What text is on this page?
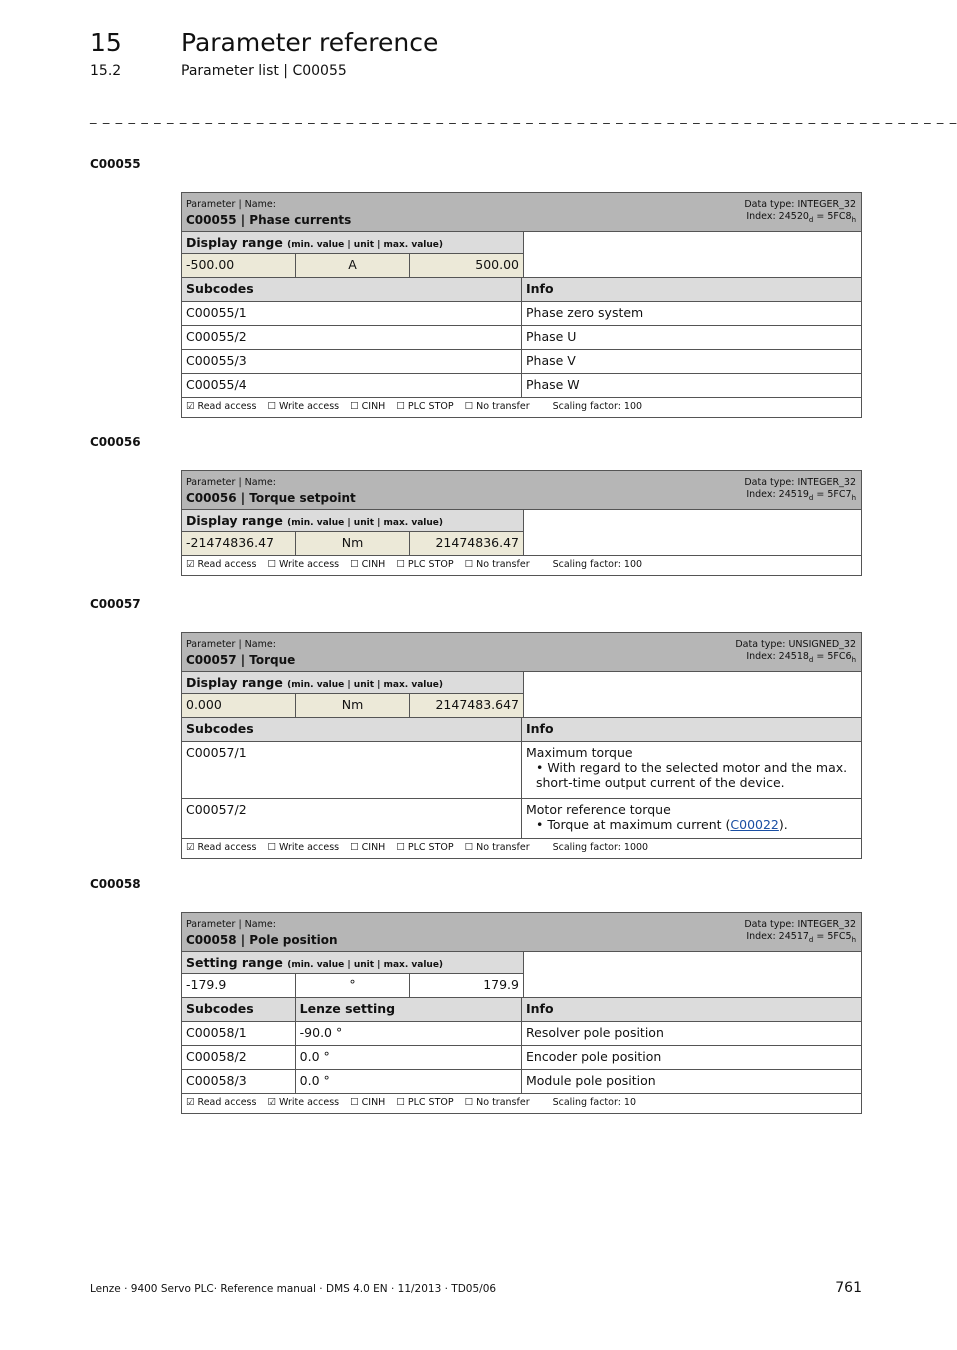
15 Parameter reference
15.2	Parameter list | C00055
_ _ _ _ _ _ _ _ _ _ _ _ _ _ _ _ _ _ _ _ _ _ _ _ _ _ _ _ _ _ _ _ _ _ _ _ _ _ _ _ _ _ _ _ _ _ _ _ _ _ _ _ _ _ _ _ _ _ _ _ _ _ _ _ _ _ _ _
C00055
Parameter | Name:
C00055 | Phase currents
Data type: INTEGER_32
Index: $24520_d = 5FC8_h$
Display range (min. value | unit | max. value)
-500.00	A	500.00
Subcodes	Info
C00055/1	Phase zero system
C00055/2	Phase U
C00055/3	Phase V
C00055/4	Phase W
☑ Read access ☐ Write access ☐ CINH ☐ PLC STOP ☐ No transfer Scaling factor: 100
C00056
Parameter | Name:
C00056 | Torque setpoint
Data type: INTEGER_32
Index: $24519_d = 5FC7_h$
Display range (min. value | unit | max. value)
-21474836.47	Nm	21474836.47
☑ Read access ☐ Write access ☐ CINH ☐ PLC STOP ☐ No transfer Scaling factor: 100
C00057
Parameter | Name:
C00057 | Torque
Data type: UNSIGNED_32
Index: $24518_d = 5FC6_h$
Display range (min. value | unit | max. value)
0.000	Nm	2147483.647
Subcodes	Info
C00057/1	Maximum torque
• With regard to the selected motor and the max. short-time output current of the device.
C00057/2	Motor reference torque
• Torque at maximum current (C00022).
☑ Read access ☐ Write access ☐ CINH ☐ PLC STOP ☐ No transfer Scaling factor: 1000
C00058
Parameter | Name:
C00058 | Pole position
Data type: INTEGER_32
Index: $24517_d = 5FC5_h$
Setting range (min. value | unit | max. value)
-179.9	°	179.9
Subcodes	Lenze setting	Info
C00058/1	-90.0 °	Resolver pole position
C00058/2	0.0 °	Encoder pole position
C00058/3	0.0 °	Module pole position
☑ Read access ☑ Write access ☐ CINH ☐ PLC STOP ☐ No transfer Scaling factor: 10
Lenze · 9400 Servo PLC· Reference manual · DMS 4.0 EN · 11/2013 · TD05/06	761
